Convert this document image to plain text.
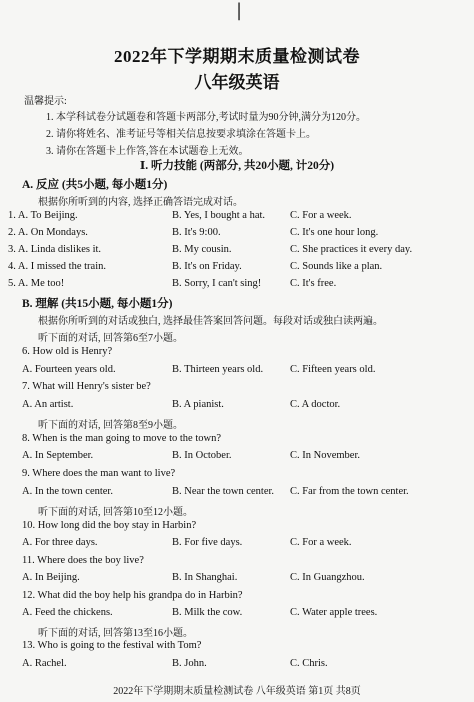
|
2022年下学期期末质量检测试卷
八年级英语
温馨提示:
1. 本学科试卷分试题卷和答题卡两部分,考试时量为90分钟,满分为120分。
2. 请你将姓名、准考证号等相关信息按要求填涂在答题卡上。
3. 请你在答题卡上作答,答在本试题卷上无效。
Ⅰ. 听力技能 (两部分, 共20小题, 计20分)
A. 反应 (共5小题, 每小题1分)
根据你所听到的内容, 选择正确答语完成对话。
1. A. To Beijing.	B. Yes, I bought a hat. C. For a week.
2. A. On Mondays.	B. It's 9:00.	C. It's one hour long.
3. A. Linda dislikes it.	B. My cousin.	C. She practices it every day.
4. A. I missed the train.	B. It's on Friday.	C. Sounds like a plan.
5. A. Me too!	B. Sorry, I can't sing!	C. It's free.
B. 理解 (共15小题, 每小题1分)
根据你所听到的对话或独白, 选择最佳答案回答问题。每段对话或独白读两遍。
听下面的对话, 回答第6至7小题。
6. How old is Henry?
A. Fourteen years old.	B. Thirteen years old.	C. Fifteen years old.
7. What will Henry's sister be?
A. An artist.	B. A pianist.	C. A doctor.
听下面的对话, 回答第8至9小题。
8. When is the man going to move to the town?
A. In September.	B. In October.	C. In November.
9. Where does the man want to live?
A. In the town center.	B. Near the town center. C. Far from the town center.
听下面的对话, 回答第10至12小题。
10. How long did the boy stay in Harbin?
A. For three days.	B. For five days.	C. For a week.
11. Where does the boy live?
A. In Beijing.	B. In Shanghai.	C. In Guangzhou.
12. What did the boy help his grandpa do in Harbin?
A. Feed the chickens.	B. Milk the cow.	C. Water apple trees.
听下面的对话, 回答第13至16小题。
13. Who is going to the festival with Tom?
A. Rachel.	B. John.	C. Chris.
2022年下学期期末质量检测试卷 八年级英语 第1页 共8页
